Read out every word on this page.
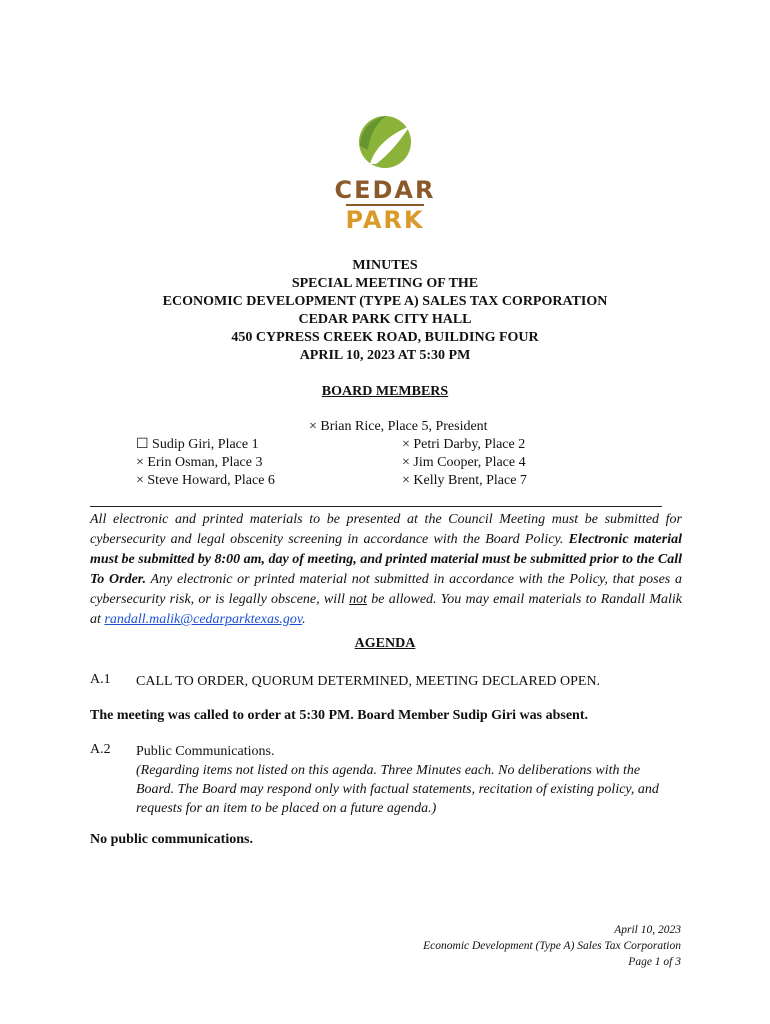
CEDAR
PARK
MINUTES
SPECIAL MEETING OF THE
ECONOMIC DEVELOPMENT (TYPE A) SALES TAX CORPORATION
CEDAR PARK CITY HALL
450 CYPRESS CREEK ROAD, BUILDING FOUR
APRIL 10, 2023 AT 5:30 PM
BOARD MEMBERS
× Brian Rice, Place 5, President
☐ Sudip Giri, Place 1
× Erin Osman, Place 3
× Steve Howard, Place 6
× Petri Darby, Place 2
× Jim Cooper, Place 4
× Kelly Brent, Place 7
All electronic and printed materials to be presented at the Council Meeting must be submitted for cybersecurity and legal obscenity screening in accordance with the Board Policy. Electronic material must be submitted by 8:00 am, day of meeting, and printed material must be submitted prior to the Call To Order. Any electronic or printed material not submitted in accordance with the Policy, that poses a cybersecurity risk, or is legally obscene, will not be allowed. You may email materials to Randall Malik at randall.malik@cedarparktexas.gov.
AGENDA
A.1 CALL TO ORDER, QUORUM DETERMINED, MEETING DECLARED OPEN.
The meeting was called to order at 5:30 PM. Board Member Sudip Giri was absent.
A.2 Public Communications.
(Regarding items not listed on this agenda. Three Minutes each. No deliberations with the Board. The Board may respond only with factual statements, recitation of existing policy, and requests for an item to be placed on a future agenda.)
No public communications.
April 10, 2023
Economic Development (Type A) Sales Tax Corporation
Page 1 of 3
